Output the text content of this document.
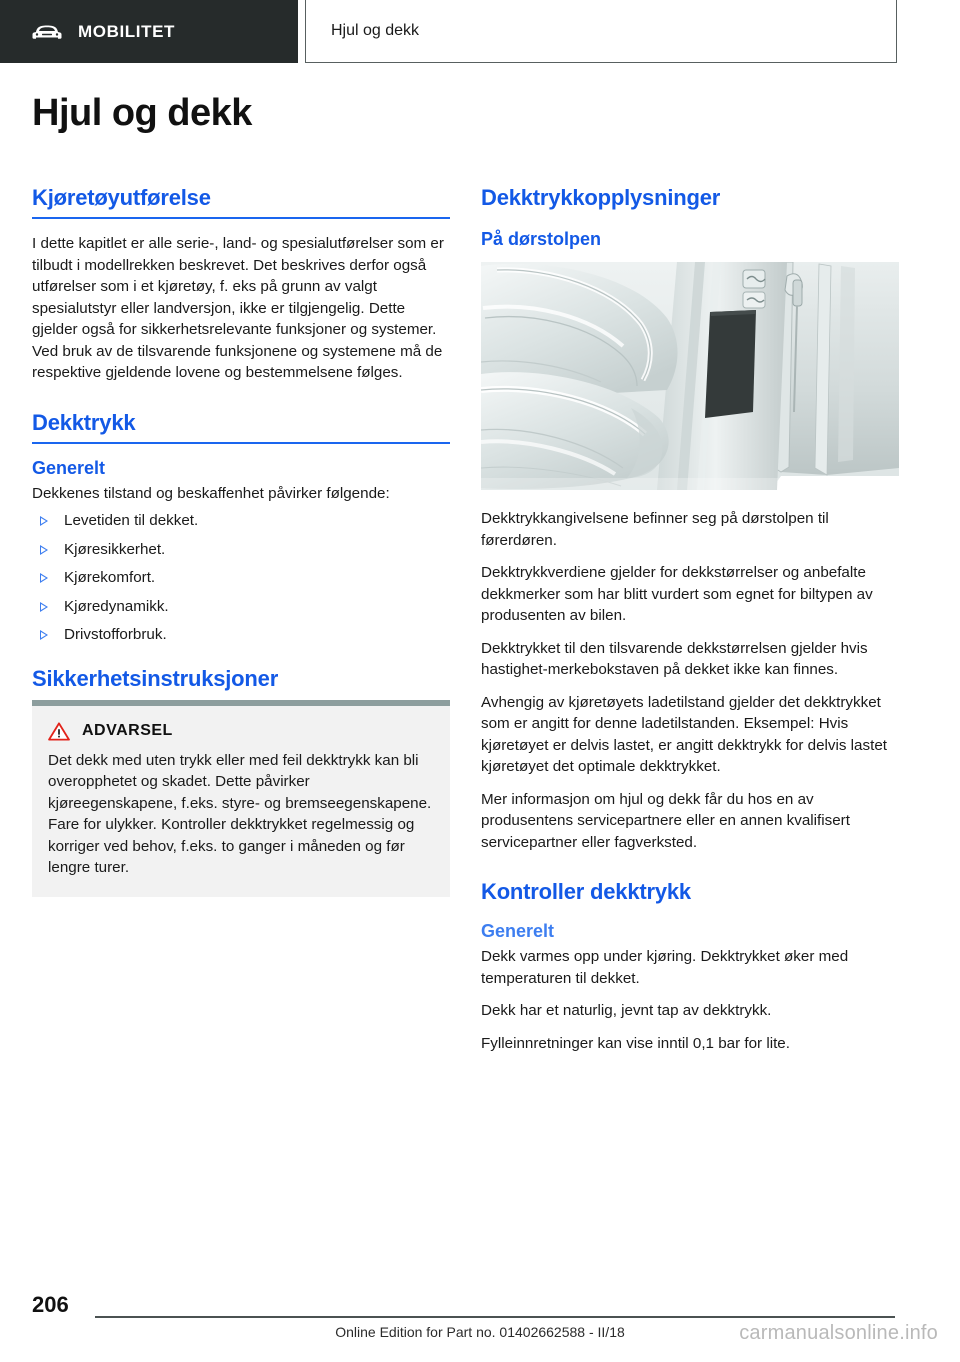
MOBILITET	Hjul og dekk
Hjul og dekk
Kjøretøyutførelse

I dette kapitlet er alle serie-, land- og spesialutførelser som er tilbudt i modellrekken beskrevet. Det beskrives derfor også utførelser som i et kjøretøy, f. eks på grunn av valgt spesialutstyr eller landversjon, ikke er tilgjengelig. Dette gjelder også for sikkerhetsrelevante funksjoner og systemer. Ved bruk av de tilsvarende funksjonene og systemene må de respektive gjeldende lovene og bestemmelsene følges.

Dekktrykk
Generelt

Dekkenes tilstand og beskaffenhet påvirker følgende:

Levetiden til dekket.
Kjøresikkerhet.
Kjørekomfort.
Kjøredynamikk.
Drivstofforbruk.
Sikkerhetsinstruksjoner
ADVARSEL

Det dekk med uten trykk eller med feil dekktrykk kan bli overopphetet og skadet. Dette påvirker kjøreegenskapene, f.eks. styre- og bremseegenskapene. Fare for ulykker. Kontroller dekktrykket regelmessig og korriger ved behov, f.eks. to ganger i måneden og før lengre turer.

Dekktrykkopplysninger
På dørstolpen

Dekktrykkangivelsene befinner seg på dørstolpen til førerdøren.

Dekktrykkverdiene gjelder for dekkstørrelser og anbefalte dekkmerker som har blitt vurdert som egnet for biltypen av produsenten av bilen.

Dekktrykket til den tilsvarende dekkstørrelsen gjelder hvis hastighet-merkebokstaven på dekket ikke kan finnes.

Avhengig av kjøretøyets ladetilstand gjelder det dekktrykket som er angitt for denne ladetilstanden. Eksempel: Hvis kjøretøyet er delvis lastet, er angitt dekktrykk for delvis lastet kjøretøyet det optimale dekktrykket.

Mer informasjon om hjul og dekk får du hos en av produsentens servicepartnere eller en annen kvalifisert servicepartner eller fagverksted.

Kontroller dekktrykk
Generelt

Dekk varmes opp under kjøring. Dekktrykket øker med temperaturen til dekket.

Dekk har et naturlig, jevnt tap av dekktrykk.

Fylleinnretninger kan vise inntil 0,1 bar for lite.

206
Online Edition for Part no. 01402662588 - II/18	carmanualsonline.info
